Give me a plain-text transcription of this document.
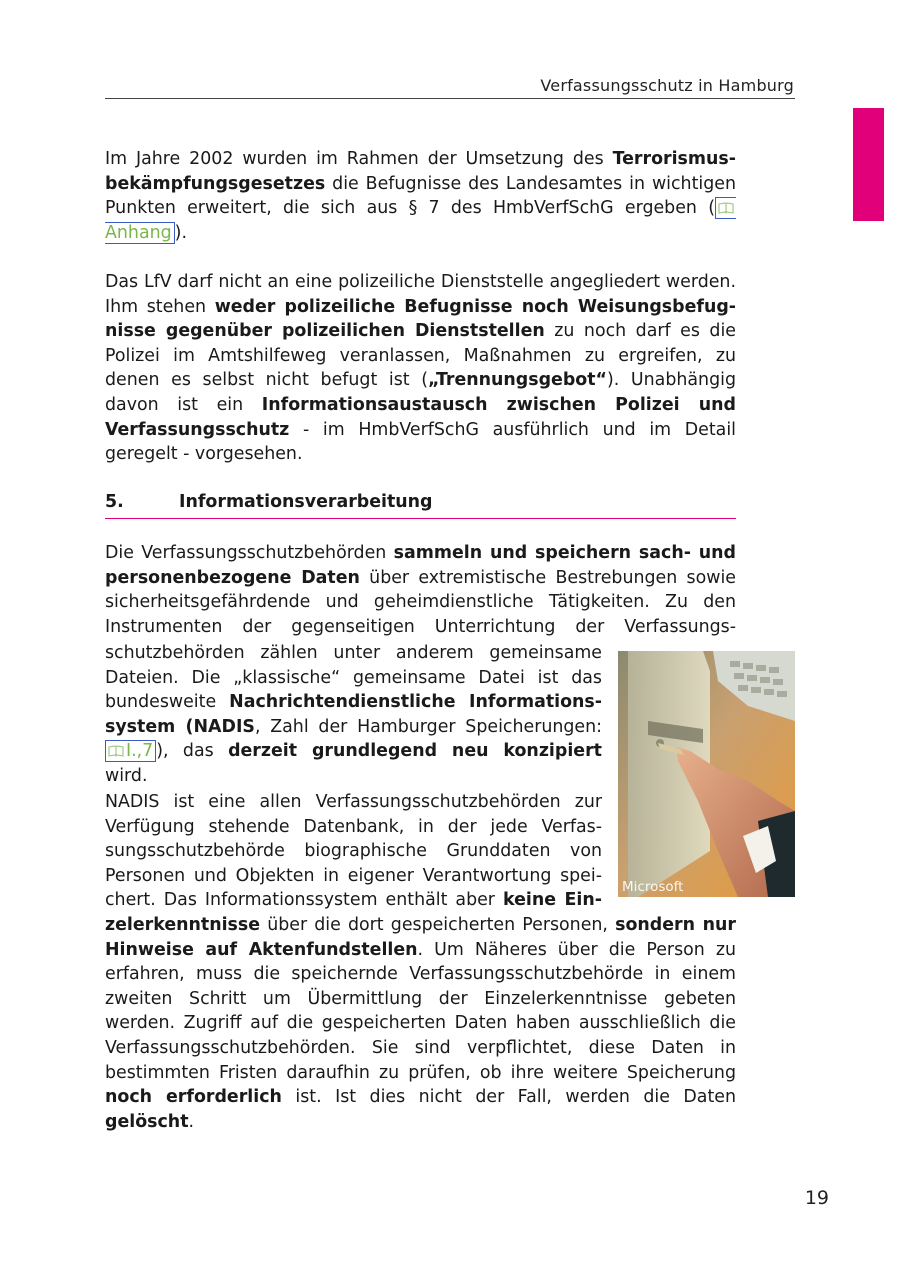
Verfassungsschutz in Hamburg

Im Jahre 2002 wurden im Rahmen der Umsetzung des Terrorismusbekämpfungsgesetzes die Befugnisse des Landesamtes in wichtigen Punkten erweitert, die sich aus § 7 des HmbVerfSchG ergeben (Anhang ).

Das LfV darf nicht an eine polizeiliche Dienststelle angegliedert werden. Ihm stehen weder polizeiliche Befugnisse noch Weisungsbefugnisse gegenüber polizeilichen Dienststellen zu noch darf es die Polizei im Amtshilfeweg veranlassen, Maßnahmen zu ergreifen, zu denen es selbst nicht befugt ist („Trennungsgebot“). Unabhängig davon ist ein Informationsaustausch zwischen Polizei und Verfassungsschutz - im HmbVerfSchG ausführlich und im Detail geregelt - vorgesehen.

5.	Informationsverarbeitung

Die Verfassungsschutzbehörden sammeln und speichern sach- und personenbezogene Daten über extremistische Bestrebungen sowie sicherheitsgefährdende und geheimdienstliche Tätigkeiten. Zu den Instrumenten der gegenseitigen Unterrichtung der Verfassungs-

schutzbehörden zählen unter anderem gemeinsame Dateien. Die „klassische“ gemeinsame Datei ist das bundesweite Nachrichtendienstliche Informationssystem (NADIS, Zahl der Hamburger Speicherungen: I.,7 ), das derzeit grundlegend neu konzipiert wird.

NADIS ist eine allen Verfassungsschutzbehörden zur Verfügung stehende Datenbank, in der jede Verfassungsschutzbehörde biographische Grunddaten von Personen und Objekten in eigener Verantwortung speichert. Das Informationssystem enthält aber keine Ein-

zelerkenntnisse über die dort gespeicherten Personen, sondern nur Hinweise auf Aktenfundstellen. Um Näheres über die Person zu erfahren, muss die speichernde Verfassungsschutzbehörde in einem zweiten Schritt um Übermittlung der Einzelerkenntnisse gebeten werden. Zugriff auf die gespeicherten Daten haben ausschließlich die Verfassungsschutzbehörden. Sie sind verpflichtet, diese Daten in bestimmten Fristen daraufhin zu prüfen, ob ihre weitere Speicherung noch erforderlich ist. Ist dies nicht der Fall, werden die Daten gelöscht.

Microsoft
19
